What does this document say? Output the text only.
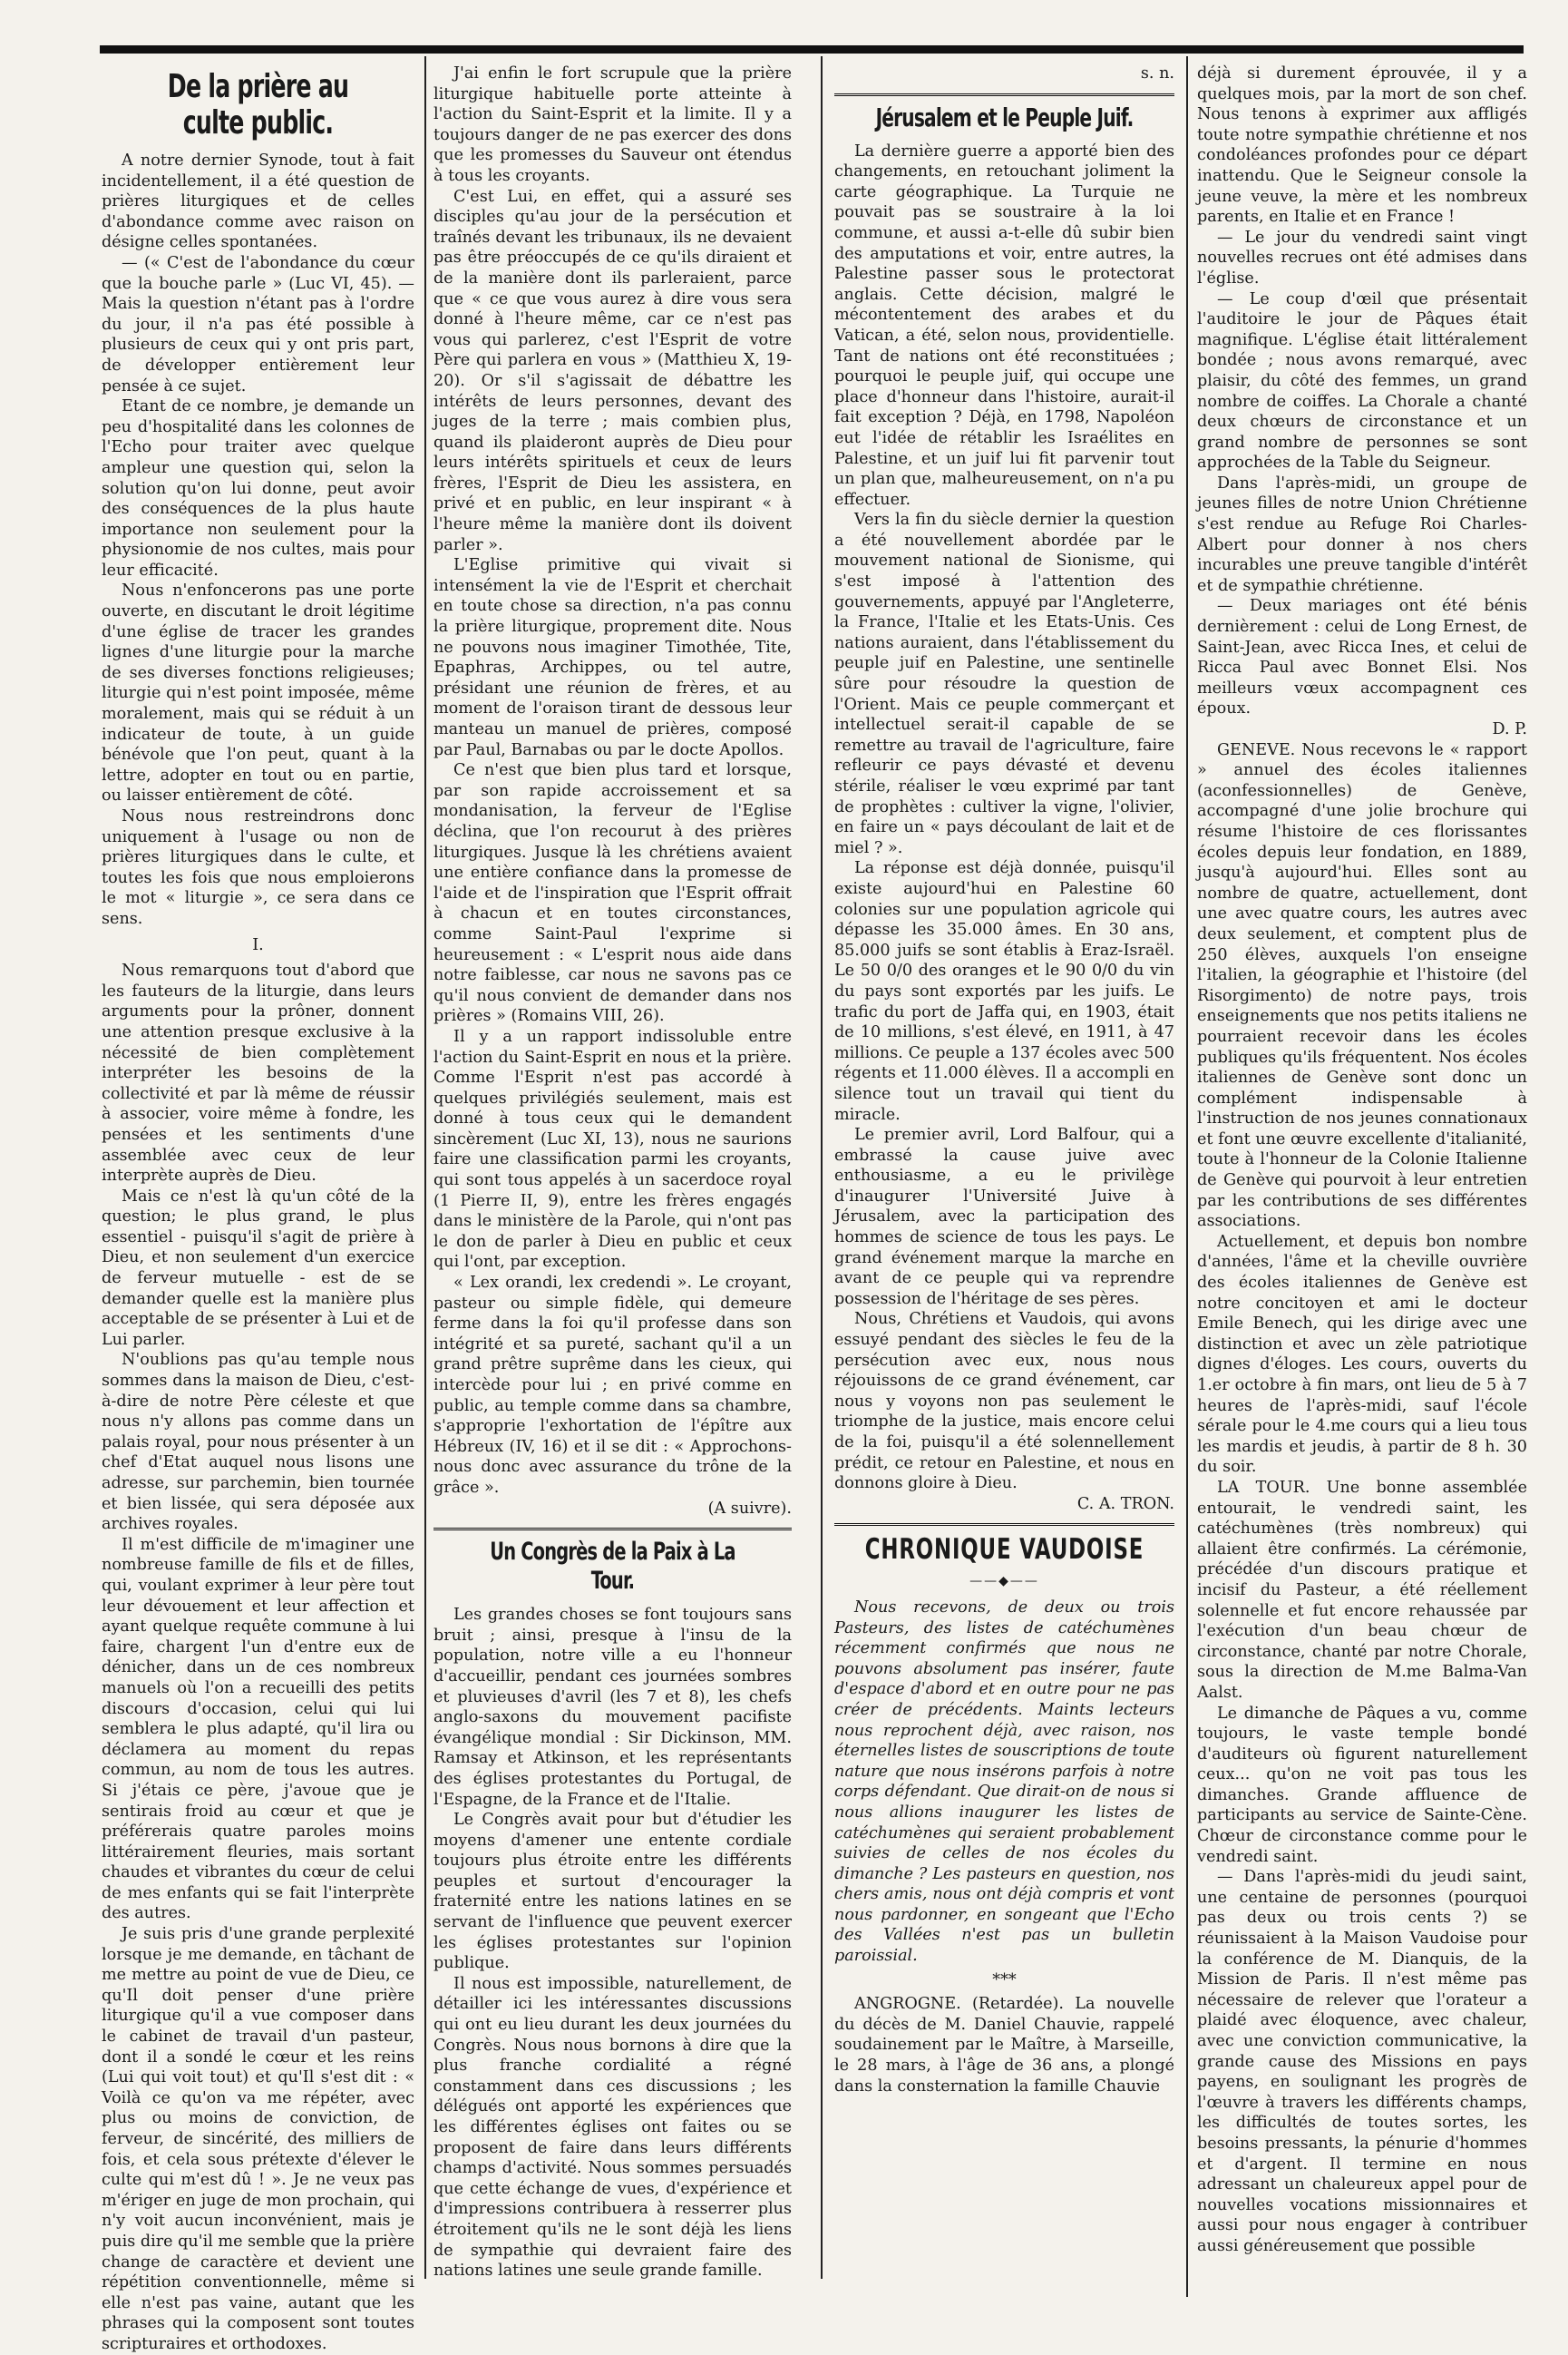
De la prière au culte public.

A notre dernier Synode, tout à fait incidentellement, il a été question de prières liturgiques et de celles d'abondance comme avec raison on désigne celles spontanées.

— (« C'est de l'abondance du cœur que la bouche parle » (Luc VI, 45). — Mais la question n'étant pas à l'ordre du jour, il n'a pas été possible à plusieurs de ceux qui y ont pris part, de développer entièrement leur pensée à ce sujet.

Etant de ce nombre, je demande un peu d'hospitalité dans les colonnes de l'Echo pour traiter avec quelque ampleur une question qui, selon la solution qu'on lui donne, peut avoir des conséquences de la plus haute importance non seulement pour la physionomie de nos cultes, mais pour leur efficacité.

Nous n'enfoncerons pas une porte ouverte, en discutant le droit légitime d'une église de tracer les grandes lignes d'une liturgie pour la marche de ses diverses fonctions religieuses; liturgie qui n'est point imposée, même moralement, mais qui se réduit à un indicateur de toute, à un guide bénévole que l'on peut, quant à la lettre, adopter en tout ou en partie, ou laisser entièrement de côté.

Nous nous restreindrons donc uniquement à l'usage ou non de prières liturgiques dans le culte, et toutes les fois que nous emploierons le mot « liturgie », ce sera dans ce sens.

I.

Nous remarquons tout d'abord que les fauteurs de la liturgie, dans leurs arguments pour la prôner, donnent une attention presque exclusive à la nécessité de bien complètement interpréter les besoins de la collectivité et par là même de réussir à associer, voire même à fondre, les pensées et les sentiments d'une assemblée avec ceux de leur interprète auprès de Dieu.

Mais ce n'est là qu'un côté de la question; le plus grand, le plus essentiel - puisqu'il s'agit de prière à Dieu, et non seulement d'un exercice de ferveur mutuelle - est de se demander quelle est la manière plus acceptable de se présenter à Lui et de Lui parler.

N'oublions pas qu'au temple nous sommes dans la maison de Dieu, c'est-à-dire de notre Père céleste et que nous n'y allons pas comme dans un palais royal, pour nous présenter à un chef d'Etat auquel nous lisons une adresse, sur parchemin, bien tournée et bien lissée, qui sera déposée aux archives royales.

Il m'est difficile de m'imaginer une nombreuse famille de fils et de filles, qui, voulant exprimer à leur père tout leur dévouement et leur affection et ayant quelque requête commune à lui faire, chargent l'un d'entre eux de dénicher, dans un de ces nombreux manuels où l'on a recueilli des petits discours d'occasion, celui qui lui semblera le plus adapté, qu'il lira ou déclamera au moment du repas commun, au nom de tous les autres. Si j'étais ce père, j'avoue que je sentirais froid au cœur et que je préférerais quatre paroles moins littérairement fleuries, mais sortant chaudes et vibrantes du cœur de celui de mes enfants qui se fait l'interprète des autres.

Je suis pris d'une grande perplexité lorsque je me demande, en tâchant de me mettre au point de vue de Dieu, ce qu'Il doit penser d'une prière liturgique qu'il a vue composer dans le cabinet de travail d'un pasteur, dont il a sondé le cœur et les reins (Lui qui voit tout) et qu'Il s'est dit : « Voilà ce qu'on va me répéter, avec plus ou moins de conviction, de ferveur, de sincérité, des milliers de fois, et cela sous prétexte d'élever le culte qui m'est dû ! ». Je ne veux pas m'ériger en juge de mon prochain, qui n'y voit aucun inconvénient, mais je puis dire qu'il me semble que la prière change de caractère et devient une répétition conventionnelle, même si elle n'est pas vaine, autant que les phrases qui la composent sont toutes scripturaires et orthodoxes.

J'ai enfin le fort scrupule que la prière liturgique habituelle porte atteinte à l'action du Saint-Esprit et la limite. Il y a toujours danger de ne pas exercer des dons que les promesses du Sauveur ont étendus à tous les croyants.

C'est Lui, en effet, qui a assuré ses disciples qu'au jour de la persécution et traînés devant les tribunaux, ils ne devaient pas être préoccupés de ce qu'ils diraient et de la manière dont ils parleraient, parce que « ce que vous aurez à dire vous sera donné à l'heure même, car ce n'est pas vous qui parlerez, c'est l'Esprit de votre Père qui parlera en vous » (Matthieu X, 19-20). Or s'il s'agissait de débattre les intérêts de leurs personnes, devant des juges de la terre ; mais combien plus, quand ils plaideront auprès de Dieu pour leurs intérêts spirituels et ceux de leurs frères, l'Esprit de Dieu les assistera, en privé et en public, en leur inspirant « à l'heure même la manière dont ils doivent parler ».

L'Eglise primitive qui vivait si intensément la vie de l'Esprit et cherchait en toute chose sa direction, n'a pas connu la prière liturgique, proprement dite. Nous ne pouvons nous imaginer Timothée, Tite, Epaphras, Archippes, ou tel autre, présidant une réunion de frères, et au moment de l'oraison tirant de dessous leur manteau un manuel de prières, composé par Paul, Barnabas ou par le docte Apollos.

Ce n'est que bien plus tard et lorsque, par son rapide accroissement et sa mondanisation, la ferveur de l'Eglise déclina, que l'on recourut à des prières liturgiques. Jusque là les chrétiens avaient une entière confiance dans la promesse de l'aide et de l'inspiration que l'Esprit offrait à chacun et en toutes circonstances, comme Saint-Paul l'exprime si heureusement : « L'esprit nous aide dans notre faiblesse, car nous ne savons pas ce qu'il nous convient de demander dans nos prières » (Romains VIII, 26).

Il y a un rapport indissoluble entre l'action du Saint-Esprit en nous et la prière. Comme l'Esprit n'est pas accordé à quelques privilégiés seulement, mais est donné à tous ceux qui le demandent sincèrement (Luc XI, 13), nous ne saurions faire une classification parmi les croyants, qui sont tous appelés à un sacerdoce royal (1 Pierre II, 9), entre les frères engagés dans le ministère de la Parole, qui n'ont pas le don de parler à Dieu en public et ceux qui l'ont, par exception.

« Lex orandi, lex credendi ». Le croyant, pasteur ou simple fidèle, qui demeure ferme dans la foi qu'il professe dans son intégrité et sa pureté, sachant qu'il a un grand prêtre suprême dans les cieux, qui intercède pour lui ; en privé comme en public, au temple comme dans sa chambre, s'approprie l'exhortation de l'épître aux Hébreux (IV, 16) et il se dit : « Approchons-nous donc avec assurance du trône de la grâce ».

(A suivre).
Un Congrès de la Paix à La Tour.

Les grandes choses se font toujours sans bruit ; ainsi, presque à l'insu de la population, notre ville a eu l'honneur d'accueillir, pendant ces journées sombres et pluvieuses d'avril (les 7 et 8), les chefs anglo-saxons du mouvement pacifiste évangélique mondial : Sir Dickinson, MM. Ramsay et Atkinson, et les représentants des églises protestantes du Portugal, de l'Espagne, de la France et de l'Italie.

Le Congrès avait pour but d'étudier les moyens d'amener une entente cordiale toujours plus étroite entre les différents peuples et surtout d'encourager la fraternité entre les nations latines en se servant de l'influence que peuvent exercer les églises protestantes sur l'opinion publique.

Il nous est impossible, naturellement, de détailler ici les intéressantes discussions qui ont eu lieu durant les deux journées du Congrès. Nous nous bornons à dire que la plus franche cordialité a régné constamment dans ces discussions ; les délégués ont apporté les expériences que les différentes églises ont faites ou se proposent de faire dans leurs différents champs d'activité. Nous sommes persuadés que cette échange de vues, d'expérience et d'impressions contribuera à resserrer plus étroitement qu'ils ne le sont déjà les liens de sympathie qui devraient faire des nations latines une seule grande famille.

s. n.
Jérusalem et le Peuple Juif.

La dernière guerre a apporté bien des changements, en retouchant joliment la carte géographique. La Turquie ne pouvait pas se soustraire à la loi commune, et aussi a-t-elle dû subir bien des amputations et voir, entre autres, la Palestine passer sous le protectorat anglais. Cette décision, malgré le mécontentement des arabes et du Vatican, a été, selon nous, providentielle. Tant de nations ont été reconstituées ; pourquoi le peuple juif, qui occupe une place d'honneur dans l'histoire, aurait-il fait exception ? Déjà, en 1798, Napoléon eut l'idée de rétablir les Israélites en Palestine, et un juif lui fit parvenir tout un plan que, malheureusement, on n'a pu effectuer.

Vers la fin du siècle dernier la question a été nouvellement abordée par le mouvement national de Sionisme, qui s'est imposé à l'attention des gouvernements, appuyé par l'Angleterre, la France, l'Italie et les Etats-Unis. Ces nations auraient, dans l'établissement du peuple juif en Palestine, une sentinelle sûre pour résoudre la question de l'Orient. Mais ce peuple commerçant et intellectuel serait-il capable de se remettre au travail de l'agriculture, faire refleurir ce pays dévasté et devenu stérile, réaliser le vœu exprimé par tant de prophètes : cultiver la vigne, l'olivier, en faire un « pays découlant de lait et de miel ? ».

La réponse est déjà donnée, puisqu'il existe aujourd'hui en Palestine 60 colonies sur une population agricole qui dépasse les 35.000 âmes. En 30 ans, 85.000 juifs se sont établis à Eraz-Israël. Le 50 0/0 des oranges et le 90 0/0 du vin du pays sont exportés par les juifs. Le trafic du port de Jaffa qui, en 1903, était de 10 millions, s'est élevé, en 1911, à 47 millions. Ce peuple a 137 écoles avec 500 régents et 11.000 élèves. Il a accompli en silence tout un travail qui tient du miracle.

Le premier avril, Lord Balfour, qui a embrassé la cause juive avec enthousiasme, a eu le privilège d'inaugurer l'Université Juive à Jérusalem, avec la participation des hommes de science de tous les pays. Le grand événement marque la marche en avant de ce peuple qui va reprendre possession de l'héritage de ses pères.

Nous, Chrétiens et Vaudois, qui avons essuyé pendant des siècles le feu de la persécution avec eux, nous nous réjouissons de ce grand événement, car nous y voyons non pas seulement le triomphe de la justice, mais encore celui de la foi, puisqu'il a été solennellement prédit, ce retour en Palestine, et nous en donnons gloire à Dieu.

C. A. TRON.
CHRONIQUE VAUDOISE
——◆——

Nous recevons, de deux ou trois Pasteurs, des listes de catéchumènes récemment confirmés que nous ne pouvons absolument pas insérer, faute d'espace d'abord et en outre pour ne pas créer de précédents. Maints lecteurs nous reprochent déjà, avec raison, nos éternelles listes de souscriptions de toute nature que nous insérons parfois à notre corps défendant. Que dirait-on de nous si nous allions inaugurer les listes de catéchumènes qui seraient probablement suivies de celles de nos écoles du dimanche ? Les pasteurs en question, nos chers amis, nous ont déjà compris et vont nous pardonner, en songeant que l'Echo des Vallées n'est pas un bulletin paroissial.

***

ANGROGNE. (Retardée). La nouvelle du décès de M. Daniel Chauvie, rappelé soudainement par le Maître, à Marseille, le 28 mars, à l'âge de 36 ans, a plongé dans la consternation la famille Chauvie

déjà si durement éprouvée, il y a quelques mois, par la mort de son chef. Nous tenons à exprimer aux affligés toute notre sympathie chrétienne et nos condoléances profondes pour ce départ inattendu. Que le Seigneur console la jeune veuve, la mère et les nombreux parents, en Italie et en France !

— Le jour du vendredi saint vingt nouvelles recrues ont été admises dans l'église.

— Le coup d'œil que présentait l'auditoire le jour de Pâques était magnifique. L'église était littéralement bondée ; nous avons remarqué, avec plaisir, du côté des femmes, un grand nombre de coiffes. La Chorale a chanté deux chœurs de circonstance et un grand nombre de personnes se sont approchées de la Table du Seigneur.

Dans l'après-midi, un groupe de jeunes filles de notre Union Chrétienne s'est rendue au Refuge Roi Charles-Albert pour donner à nos chers incurables une preuve tangible d'intérêt et de sympathie chrétienne.

— Deux mariages ont été bénis dernièrement : celui de Long Ernest, de Saint-Jean, avec Ricca Ines, et celui de Ricca Paul avec Bonnet Elsi. Nos meilleurs vœux accompagnent ces époux.

D. P.

GENEVE. Nous recevons le « rapport » annuel des écoles italiennes (aconfessionnelles) de Genève, accompagné d'une jolie brochure qui résume l'histoire de ces florissantes écoles depuis leur fondation, en 1889, jusqu'à aujourd'hui. Elles sont au nombre de quatre, actuellement, dont une avec quatre cours, les autres avec deux seulement, et comptent plus de 250 élèves, auxquels l'on enseigne l'italien, la géographie et l'histoire (del Risorgimento) de notre pays, trois enseignements que nos petits italiens ne pourraient recevoir dans les écoles publiques qu'ils fréquentent. Nos écoles italiennes de Genève sont donc un complément indispensable à l'instruction de nos jeunes connationaux et font une œuvre excellente d'italianité, toute à l'honneur de la Colonie Italienne de Genève qui pourvoit à leur entretien par les contributions de ses différentes associations.

Actuellement, et depuis bon nombre d'années, l'âme et la cheville ouvrière des écoles italiennes de Genève est notre concitoyen et ami le docteur Emile Benech, qui les dirige avec une distinction et avec un zèle patriotique dignes d'éloges. Les cours, ouverts du 1.er octobre à fin mars, ont lieu de 5 à 7 heures de l'après-midi, sauf l'école sérale pour le 4.me cours qui a lieu tous les mardis et jeudis, à partir de 8 h. 30 du soir.

LA TOUR. Une bonne assemblée entourait, le vendredi saint, les catéchumènes (très nombreux) qui allaient être confirmés. La cérémonie, précédée d'un discours pratique et incisif du Pasteur, a été réellement solennelle et fut encore rehaussée par l'exécution d'un beau chœur de circonstance, chanté par notre Chorale, sous la direction de M.me Balma-Van Aalst.

Le dimanche de Pâques a vu, comme toujours, le vaste temple bondé d'auditeurs où figurent naturellement ceux... qu'on ne voit pas tous les dimanches. Grande affluence de participants au service de Sainte-Cène. Chœur de circonstance comme pour le vendredi saint.

— Dans l'après-midi du jeudi saint, une centaine de personnes (pourquoi pas deux ou trois cents ?) se réunissaient à la Maison Vaudoise pour la conférence de M. Dianquis, de la Mission de Paris. Il n'est même pas nécessaire de relever que l'orateur a plaidé avec éloquence, avec chaleur, avec une conviction communicative, la grande cause des Missions en pays payens, en soulignant les progrès de l'œuvre à travers les différents champs, les difficultés de toutes sortes, les besoins pressants, la pénurie d'hommes et d'argent. Il termine en nous adressant un chaleureux appel pour de nouvelles vocations missionnaires et aussi pour nous engager à contribuer aussi généreusement que possible
